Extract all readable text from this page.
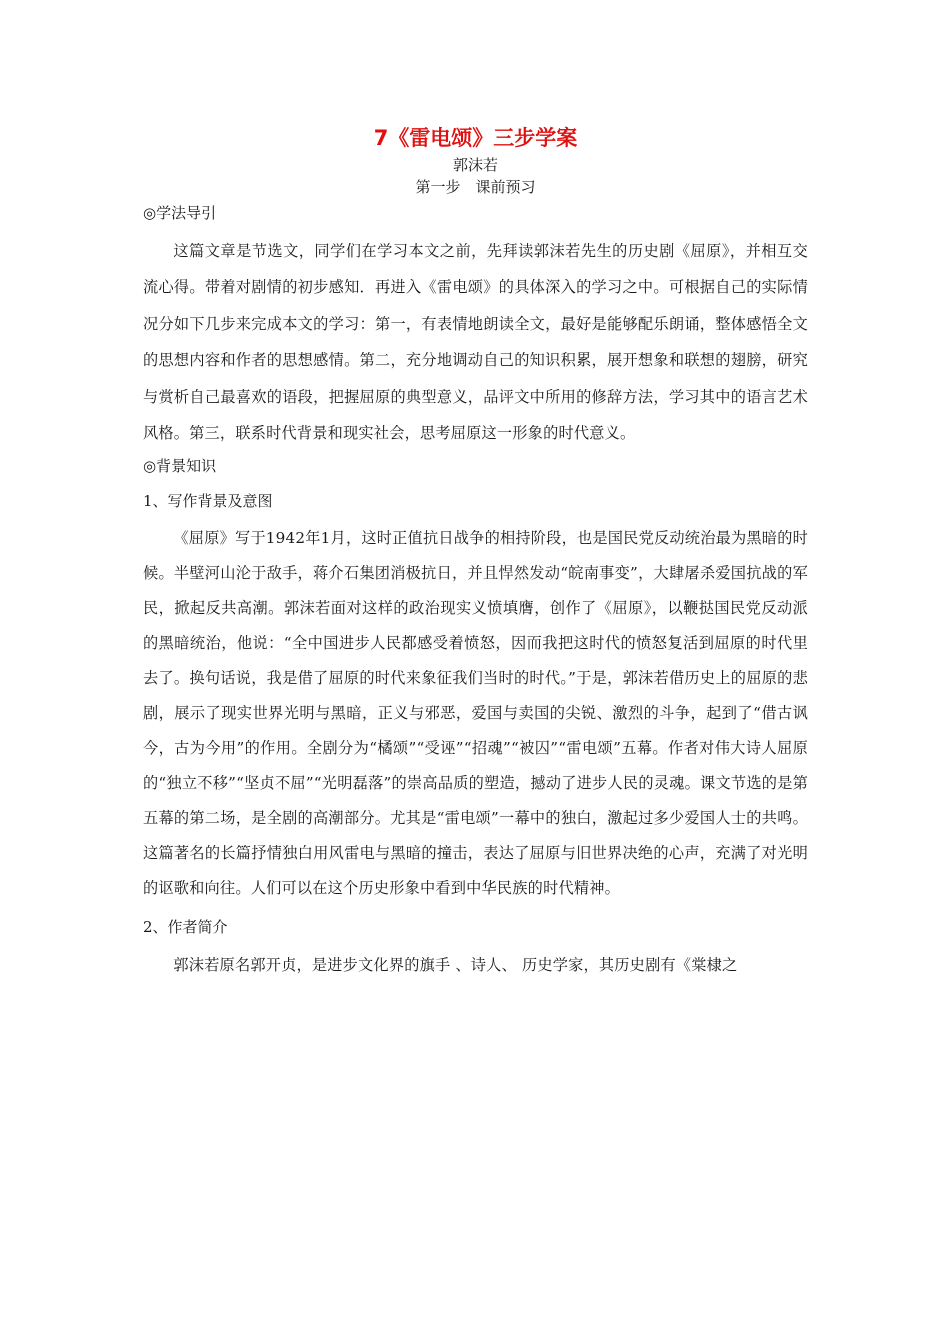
7《雷电颂》三步学案

郭沫若

第一步　课前预习

◎学法导引

这篇文章是节选文，同学们在学习本文之前，先拜读郭沫若先生的历史剧《屈原》，并相互交流心得。带着对剧情的初步感知．再进入《雷电颂》的具体深入的学习之中。可根据自己的实际情况分如下几步来完成本文的学习：第一，有表情地朗读全文，最好是能够配乐朗诵，整体感悟全文的思想内容和作者的思想感情。第二，充分地调动自己的知识积累，展开想象和联想的翅膀，研究与赏析自己最喜欢的语段，把握屈原的典型意义，品评文中所用的修辞方法，学习其中的语言艺术风格。第三，联系时代背景和现实社会，思考屈原这一形象的时代意义。

◎背景知识

1、写作背景及意图

《屈原》写于1942年1月，这时正值抗日战争的相持阶段，也是国民党反动统治最为黑暗的时候。半壁河山沦于敌手，蒋介石集团消极抗日，并且悍然发动“皖南事变”，大肆屠杀爱国抗战的军民，掀起反共高潮。郭沫若面对这样的政治现实义愤填膺，创作了《屈原》，以鞭挞国民党反动派的黑暗统治，他说：“全中国进步人民都感受着愤怒，因而我把这时代的愤怒复活到屈原的时代里去了。换句话说，我是借了屈原的时代来象征我们当时的时代。”于是，郭沫若借历史上的屈原的悲剧，展示了现实世界光明与黑暗，正义与邪恶，爱国与卖国的尖锐、激烈的斗争，起到了“借古讽今，古为今用”的作用。全剧分为“橘颂”“受诬”“招魂”“被囚”“雷电颂”五幕。作者对伟大诗人屈原的“独立不移”“坚贞不屈”“光明磊落”的崇高品质的塑造，撼动了进步人民的灵魂。课文节选的是第五幕的第二场，是全剧的高潮部分。尤其是“雷电颂”一幕中的独白，激起过多少爱国人士的共鸣。这篇著名的长篇抒情独白用风雷电与黑暗的撞击，表达了屈原与旧世界决绝的心声，充满了对光明的讴歌和向往。人们可以在这个历史形象中看到中华民族的时代精神。

2、作者简介

郭沫若原名郭开贞，是进步文化界的旗手 、诗人、 历史学家，其历史剧有《棠棣之
